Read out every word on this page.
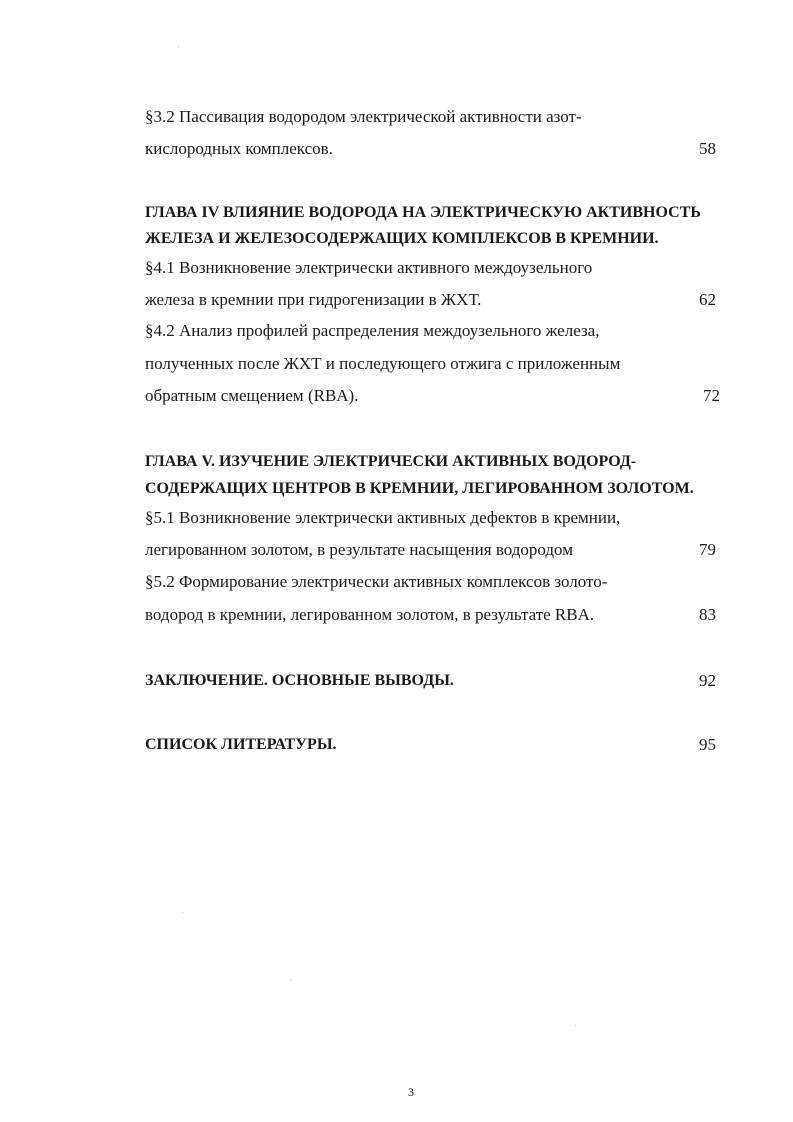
§3.2 Пассивация водородом электрической активности азот-
кислородных комплексов.	58
ГЛАВА IV ВЛИЯНИЕ ВОДОРОДА НА ЭЛЕКТРИЧЕСКУЮ АКТИВНОСТЬ
ЖЕЛЕЗА И ЖЕЛЕЗОСОДЕРЖАЩИХ КОМПЛЕКСОВ В КРЕМНИИ.
§4.1 Возникновение электрически активного междоузельного
железа в кремнии при гидрогенизации в ЖХТ.	62
§4.2 Анализ профилей распределения междоузельного железа,
полученных после ЖХТ и последующего отжига с приложенным
обратным смещением (RBA).	72
ГЛАВА V. ИЗУЧЕНИЕ ЭЛЕКТРИЧЕСКИ АКТИВНЫХ ВОДОРОД-
СОДЕРЖАЩИХ ЦЕНТРОВ В КРЕМНИИ, ЛЕГИРОВАННОМ ЗОЛОТОМ.
§5.1 Возникновение электрически активных дефектов в кремнии,
легированном золотом, в результате насыщения водородом	79
§5.2 Формирование электрически активных комплексов золото-
водород в кремнии, легированном золотом, в результате RBA.	83
ЗАКЛЮЧЕНИЕ. ОСНОВНЫЕ ВЫВОДЫ.	92
СПИСОК ЛИТЕРАТУРЫ.	95
3
